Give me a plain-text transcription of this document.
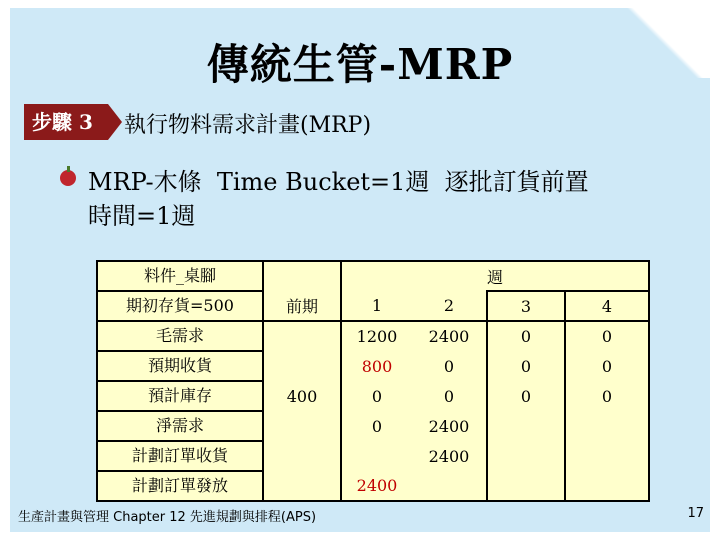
傳統生管-MRP
步驟 3	執行物料需求計畫(MRP)
MRP-木條  Time Bucket=1週  逐批訂貨前置
時間=1週
料件_桌腳		週			
期初存貨=500	前期	1	2	3	4
毛需求		1200	2400	0	0
預期收貨		800	0	0	0
預計庫存	400	0	0	0	0
淨需求		0	2400		
計劃訂單收貨			2400		
計劃訂單發放		2400			
生產計畫與管理 Chapter 12 先進規劃與排程(APS)	17
